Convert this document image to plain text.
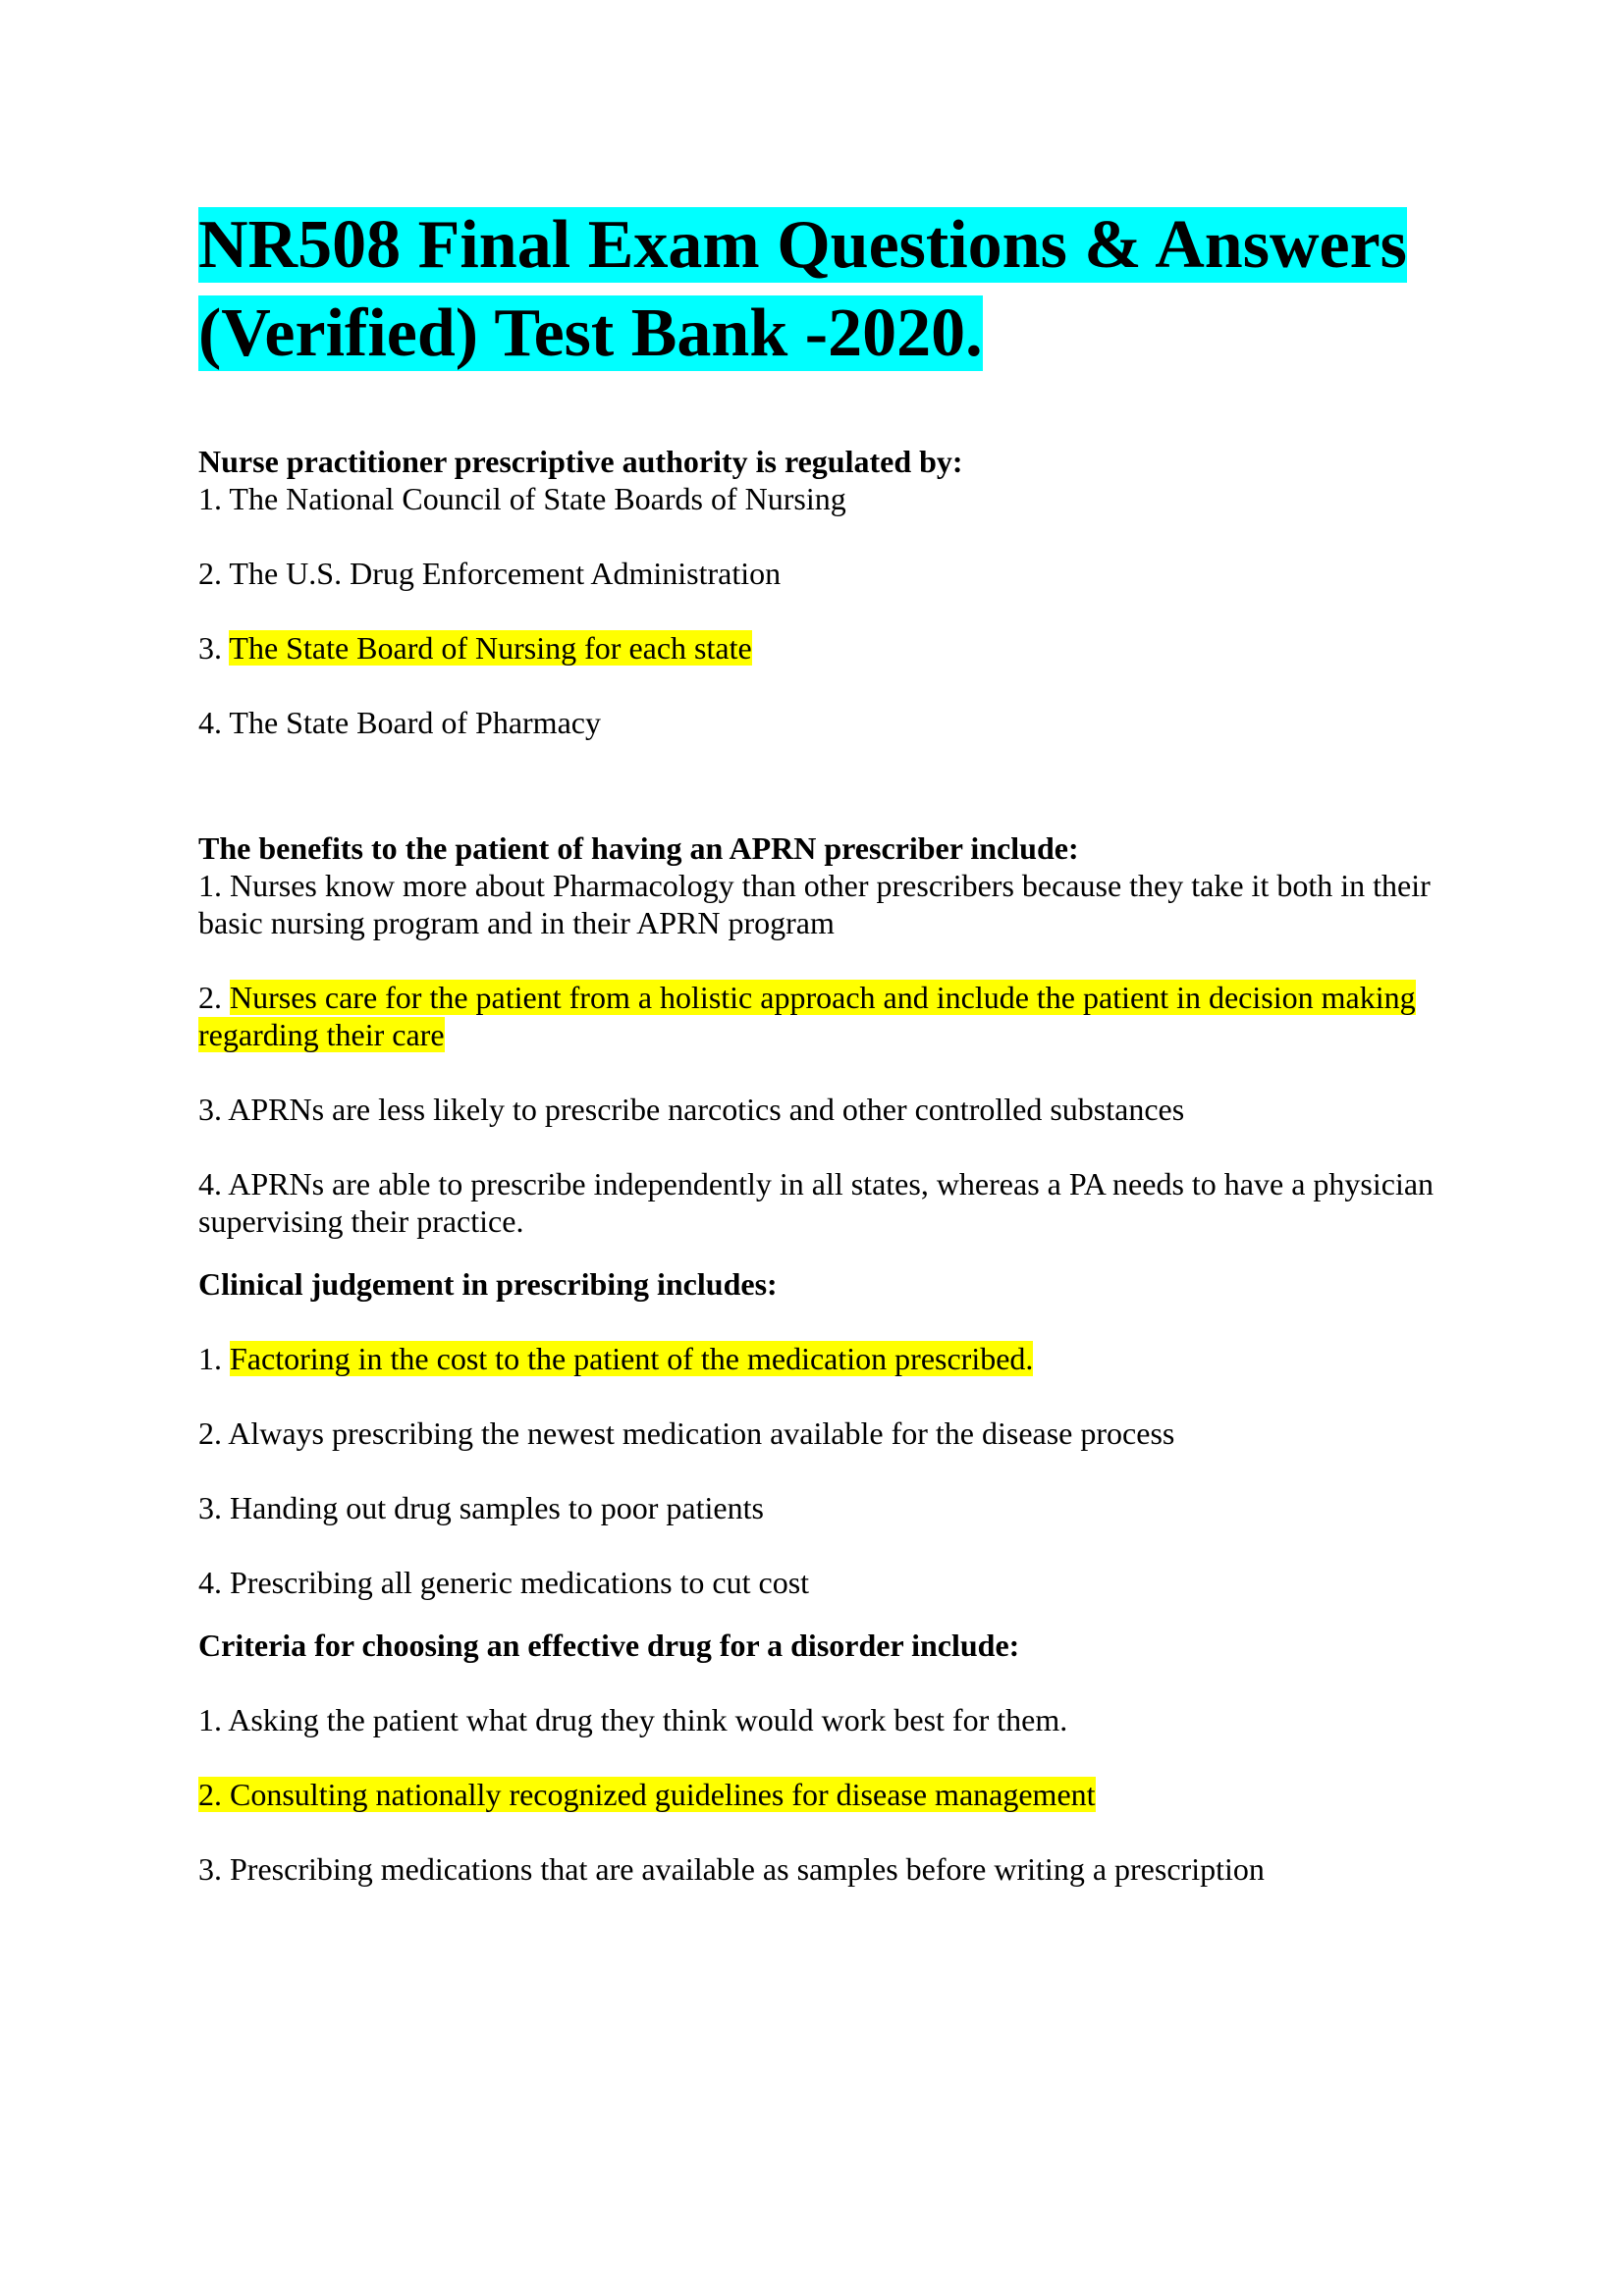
NR508 Final Exam Questions & Answers
(Verified) Test Bank -2020.

Nurse practitioner prescriptive authority is regulated by:

1. The National Council of State Boards of Nursing

2. The U.S. Drug Enforcement Administration

3. The State Board of Nursing for each state

4. The State Board of Pharmacy

The benefits to the patient of having an APRN prescriber include:

1. Nurses know more about Pharmacology than other prescribers because they take it both in their basic nursing program and in their APRN program

2. Nurses care for the patient from a holistic approach and include the patient in decision making regarding their care

3. APRNs are less likely to prescribe narcotics and other controlled substances

4. APRNs are able to prescribe independently in all states, whereas a PA needs to have a physician supervising their practice.

Clinical judgement in prescribing includes:

1. Factoring in the cost to the patient of the medication prescribed.

2. Always prescribing the newest medication available for the disease process

3. Handing out drug samples to poor patients

4. Prescribing all generic medications to cut cost

Criteria for choosing an effective drug for a disorder include:

1. Asking the patient what drug they think would work best for them.

2. Consulting nationally recognized guidelines for disease management

3. Prescribing medications that are available as samples before writing a prescription
